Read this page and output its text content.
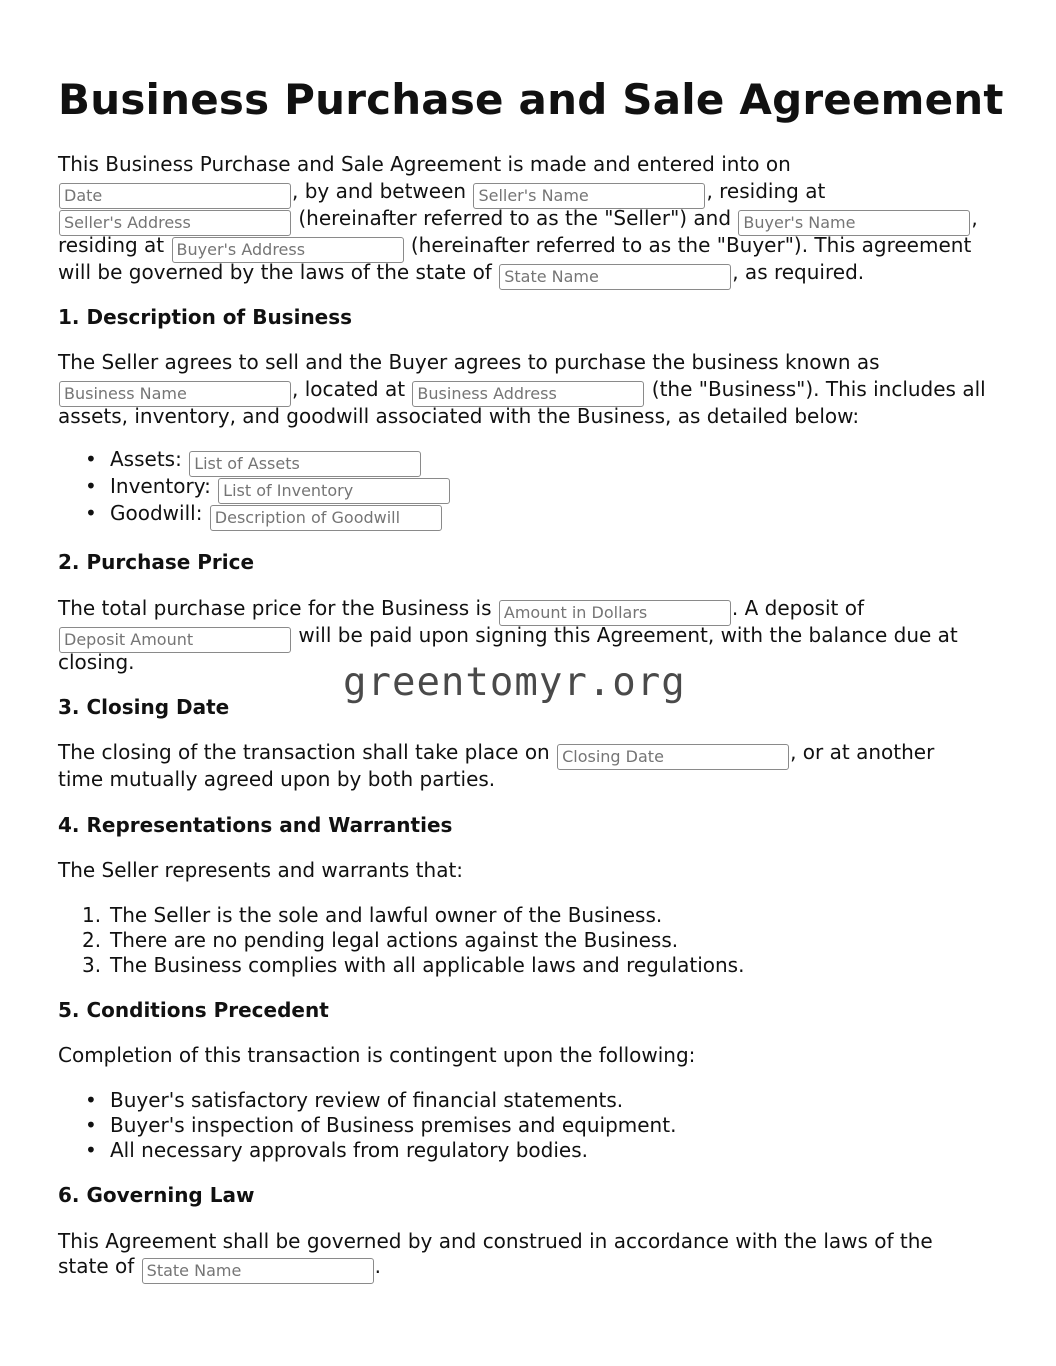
Business Purchase and Sale Agreement
This Business Purchase and Sale Agreement is made and entered into on
Date, by and between Seller's Name	, residing at
Seller's Address (hereinafter referred to as the "Seller") and Buyer's Name	,
residing at Buyer's Address	(hereinafter referred to as the "Buyer"). This agreement
will be governed by the laws of the state of State Name	, as required.
1. Description of Business
The Seller agrees to sell and the Buyer agrees to purchase the business known as
Business Name, located at Business Address	(the "Business"). This includes all
assets, inventory, and goodwill associated with the Business, as detailed below:
• Assets: List of Assets
• Inventory: List of Inventory
• Goodwill: Description of Goodwill
2. Purchase Price
The total purchase price for the Business is Amount in Dollars	. A deposit of
Deposit Amount will be paid upon signing this Agreement, with the balance due at
closing.
3. Closing Date
The closing of the transaction shall take place on Closing Date	, or at another
time mutually agreed upon by both parties.
4. Representations and Warranties
The Seller represents and warrants that:
1. The Seller is the sole and lawful owner of the Business.
2. There are no pending legal actions against the Business.
3. The Business complies with all applicable laws and regulations.
5. Conditions Precedent
Completion of this transaction is contingent upon the following:
• Buyer's satisfactory review of financial statements.
• Buyer's inspection of Business premises and equipment.
• All necessary approvals from regulatory bodies.
6. Governing Law
This Agreement shall be governed by and construed in accordance with the laws of the
state of State Name	.
greentomyr.org
